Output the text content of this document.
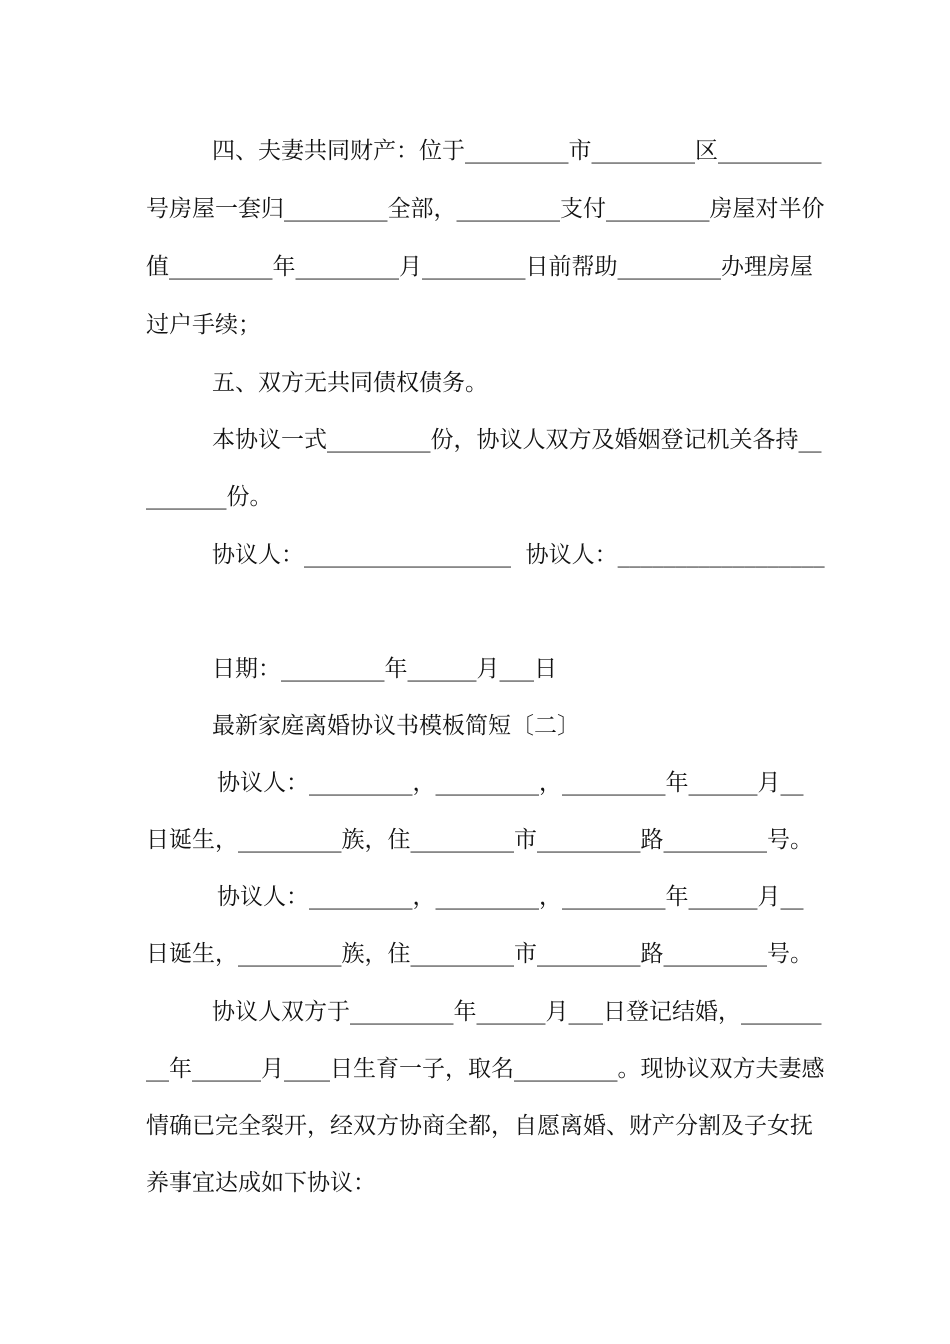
四、夫妻共同财产：位于_________市_________区_________
号房屋一套归_________全部，_________支付_________房屋对半价
值_________年_________月_________日前帮助_________办理房屋
过户手续；
五、双方无共同债权债务。
本协议一式_________份，协议人双方及婚姻登记机关各持__
_______份。
协议人：__________________  协议人：__________________
日期：_________年______月___日
最新家庭离婚协议书模板简短〔二〕
协议人：_________，_________，_________年______月__
日诞生，_________族，住_________市_________路_________号。
协议人：_________，_________，_________年______月__
日诞生，_________族，住_________市_________路_________号。
协议人双方于_________年______月___日登记结婚，_______
__年______月____日生育一子，取名_________。现协议双方夫妻感
情确已完全裂开，经双方协商全都，自愿离婚、财产分割及子女抚
养事宜达成如下协议：
